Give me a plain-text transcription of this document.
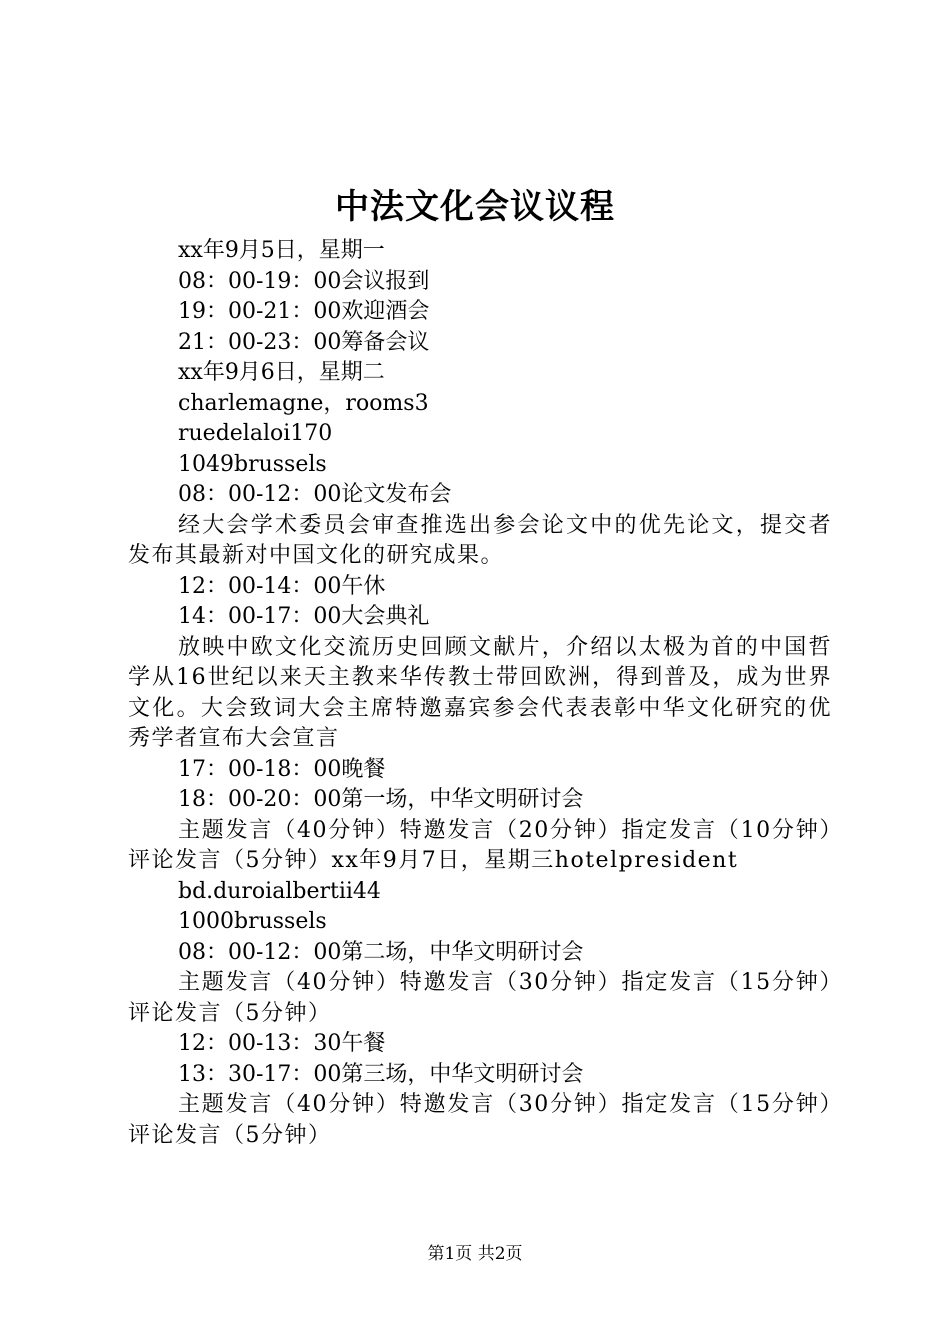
中法文化会议议程
xx年9月5日，星期一
08：00-19：00会议报到
19：00-21：00欢迎酒会
21：00-23：00筹备会议
xx年9月6日，星期二
charlemagne，rooms3
ruedelaloi170
1049brussels
08：00-12：00论文发布会
经大会学术委员会审查推选出参会论文中的优先论文，提交者发布其最新对中国文化的研究成果。
12：00-14：00午休
14：00-17：00大会典礼
放映中欧文化交流历史回顾文献片，介绍以太极为首的中国哲学从16世纪以来天主教来华传教士带回欧洲，得到普及，成为世界文化。大会致词大会主席特邀嘉宾参会代表表彰中华文化研究的优秀学者宣布大会宣言
17：00-18：00晚餐
18：00-20：00第一场，中华文明研讨会
主题发言（40分钟）特邀发言（20分钟）指定发言（10分钟）评论发言（5分钟）xx年9月7日，星期三hotelpresident
bd.duroialbertii44
1000brussels
08：00-12：00第二场，中华文明研讨会
主题发言（40分钟）特邀发言（30分钟）指定发言（15分钟）评论发言（5分钟）
12：00-13：30午餐
13：30-17：00第三场，中华文明研讨会
主题发言（40分钟）特邀发言（30分钟）指定发言（15分钟）评论发言（5分钟）
第1页 共2页
